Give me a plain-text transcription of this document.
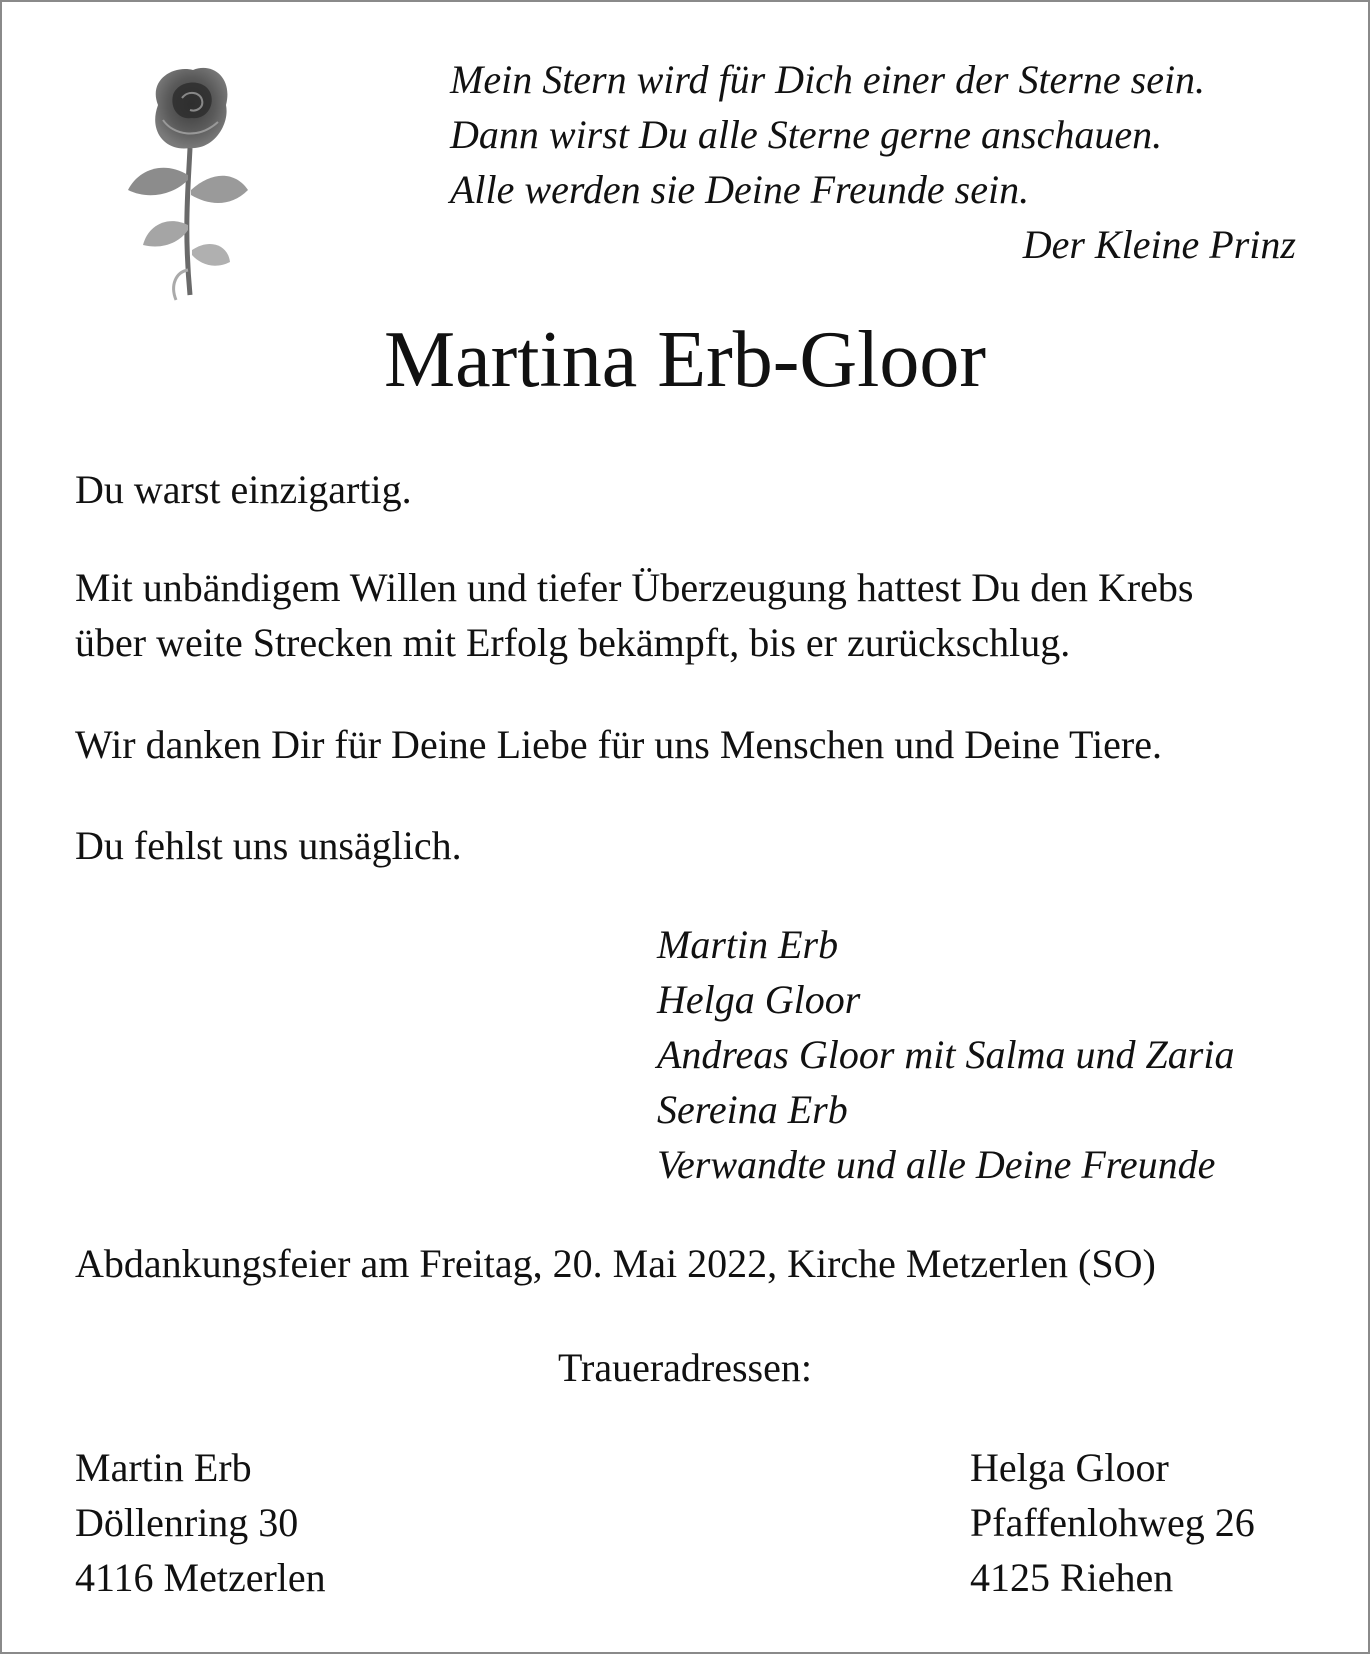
Mein Stern wird für Dich einer der Sterne sein.
Dann wirst Du alle Sterne gerne anschauen.
Alle werden sie Deine Freunde sein.
Der Kleine Prinz
Martina Erb-Gloor
Du warst einzigartig.
Mit unbändigem Willen und tiefer Überzeugung hattest Du den Krebs
über weite Strecken mit Erfolg bekämpft, bis er zurückschlug.
Wir danken Dir für Deine Liebe für uns Menschen und Deine Tiere.
Du fehlst uns unsäglich.
Martin Erb
Helga Gloor
Andreas Gloor mit Salma und Zaria
Sereina Erb
Verwandte und alle Deine Freunde
Abdankungsfeier am Freitag, 20. Mai 2022, Kirche Metzerlen (SO)
Traueradressen:
Martin Erb
Döllenring 30
4116 Metzerlen
Helga Gloor
Pfaffenlohweg 26
4125 Riehen
